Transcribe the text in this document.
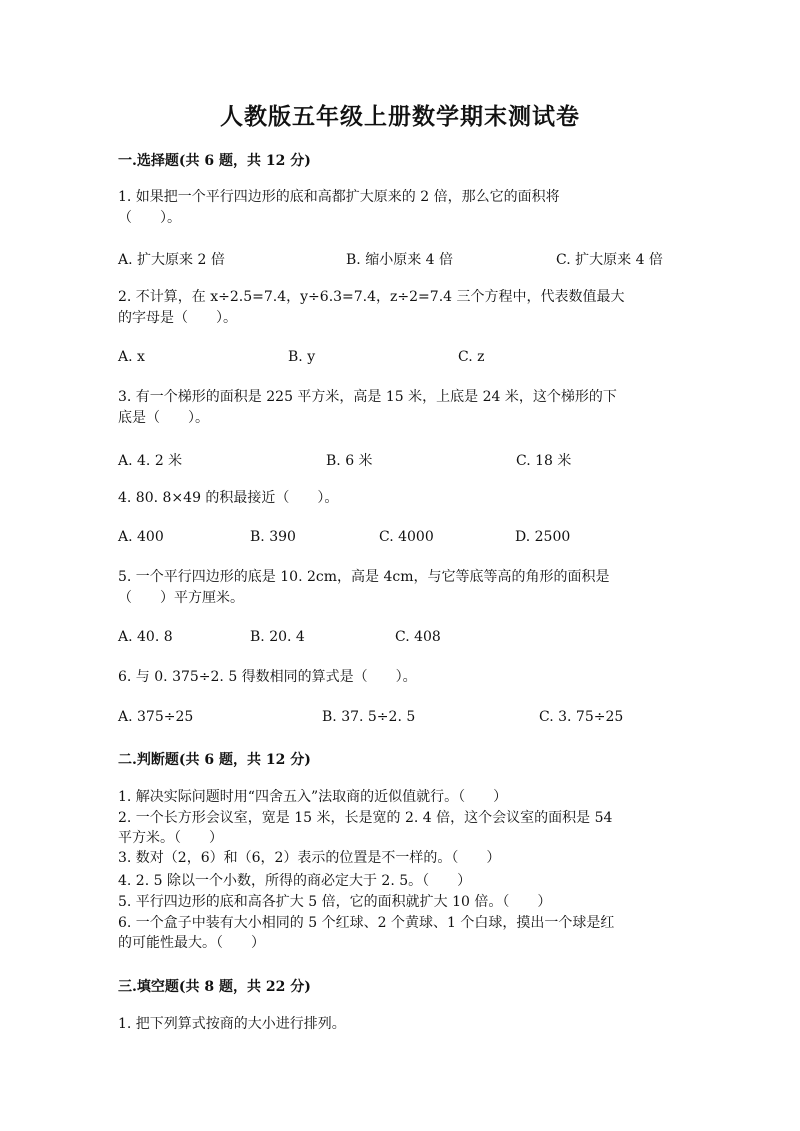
人教版五年级上册数学期末测试卷
一.选择题(共 6 题，共 12 分)
1. 如果把一个平行四边形的底和高都扩大原来的 2 倍，那么它的面积将
（　　）。
A. 扩大原来 2 倍	B. 缩小原来 4 倍	C. 扩大原来 4 倍
2. 不计算，在 x÷2.5=7.4，y÷6.3=7.4，z÷2=7.4 三个方程中，代表数值最大
的字母是（　　）。
A. x	B. y	C. z
3. 有一个梯形的面积是 225 平方米，高是 15 米，上底是 24 米，这个梯形的下
底是（　　）。
A. 4. 2 米	B. 6 米	C. 18 米
4. 80. 8×49 的积最接近（　　）。
A. 400	B. 390	C. 4000	D. 2500
5. 一个平行四边形的底是 10. 2cm，高是 4cm，与它等底等高的角形的面积是
（　　）平方厘米。
A. 40. 8	B. 20. 4	C. 408
6. 与 0. 375÷2. 5 得数相同的算式是（　　）。
A. 375÷25	B. 37. 5÷2. 5	C. 3. 75÷25
二.判断题(共 6 题，共 12 分)
1. 解决实际问题时用“四舍五入”法取商的近似值就行。（　　）
2. 一个长方形会议室，宽是 15 米，长是宽的 2. 4 倍，这个会议室的面积是 54
平方米。（　　）
3. 数对（2，6）和（6，2）表示的位置是不一样的。（　　）
4. 2. 5 除以一个小数，所得的商必定大于 2. 5。（　　）
5. 平行四边形的底和高各扩大 5 倍，它的面积就扩大 10 倍。（　　）
6. 一个盒子中装有大小相同的 5 个红球、2 个黄球、1 个白球，摸出一个球是红
的可能性最大。（　　）
三.填空题(共 8 题，共 22 分)
1. 把下列算式按商的大小进行排列。
